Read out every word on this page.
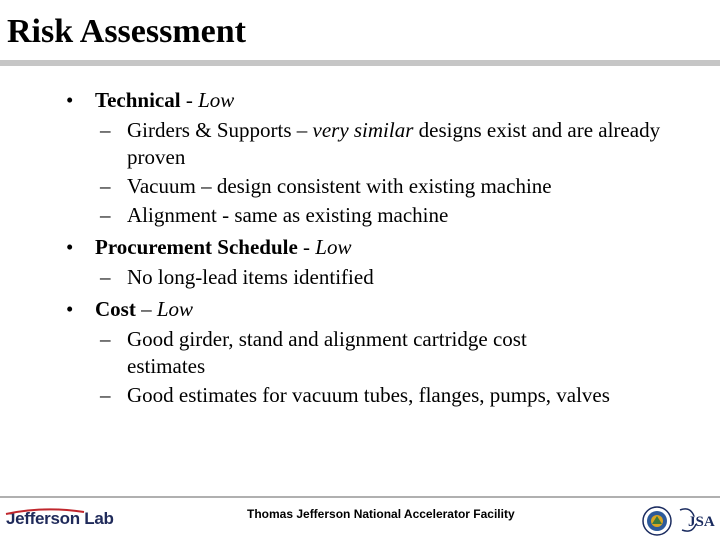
Risk Assessment

• Technical - Low

– Girders & Supports – very similar designs exist and are already proven

– Vacuum – design consistent with existing machine

– Alignment - same as existing machine

• Procurement Schedule - Low

– No long-lead items identified

• Cost – Low

– Good girder, stand and alignment cartridge cost estimates

– Good estimates for vacuum tubes, flanges, pumps, valves

Jefferson Lab	Thomas Jefferson National Accelerator Facility	JSA
